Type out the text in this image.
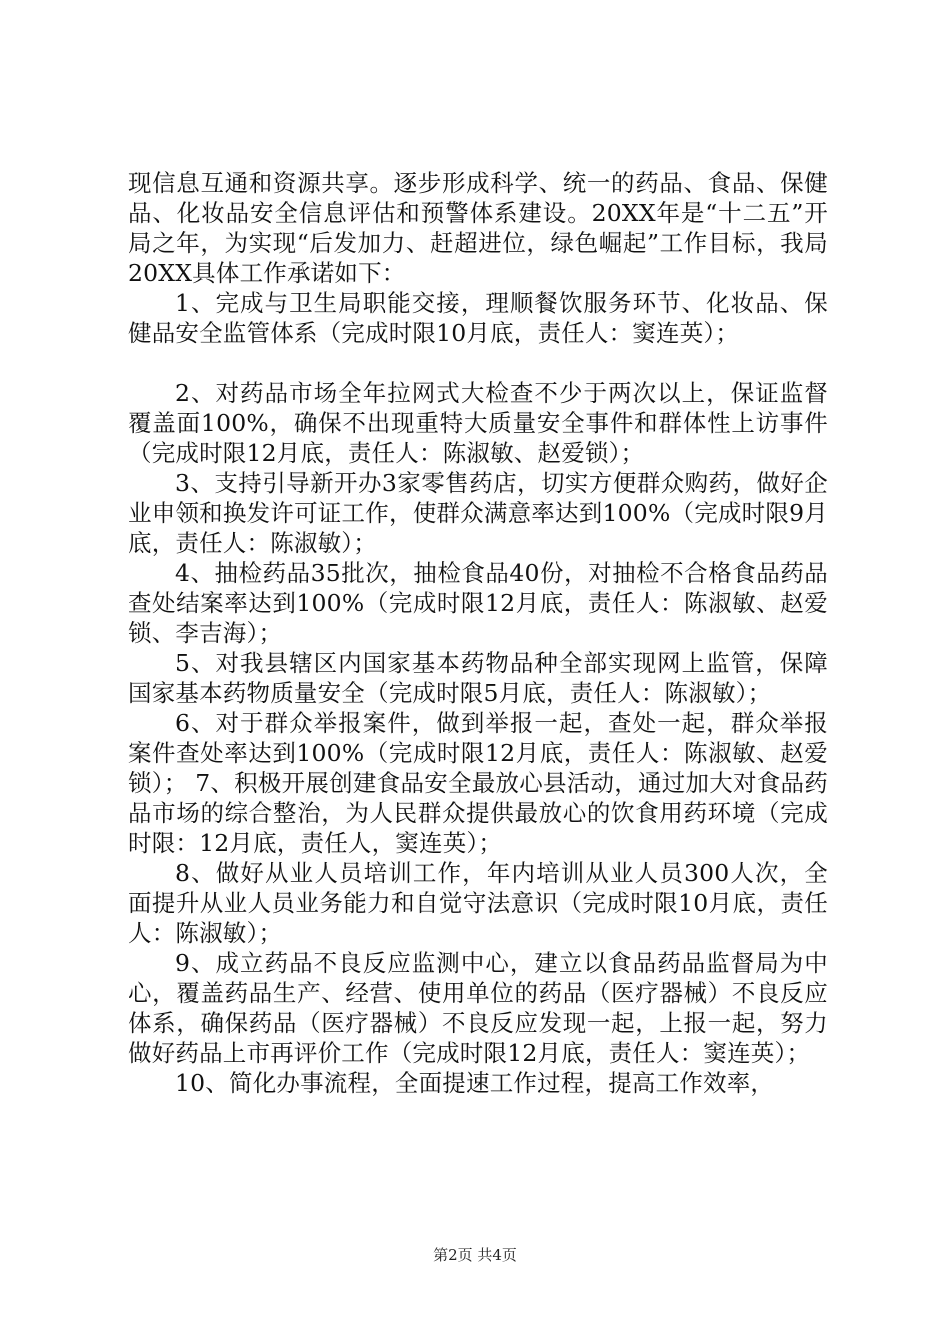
现信息互通和资源共享。逐步形成科学、统一的药品、食品、保健品、化妆品安全信息评估和预警体系建设。20XX年是“十二五”开局之年，为实现“后发加力、赶超进位，绿色崛起”工作目标，我局20XX具体工作承诺如下：

1、完成与卫生局职能交接，理顺餐饮服务环节、化妆品、保健品安全监管体系（完成时限10月底，责任人：窦连英）；

2、对药品市场全年拉网式大检查不少于两次以上，保证监督覆盖面100%，确保不出现重特大质量安全事件和群体性上访事件（完成时限12月底，责任人：陈淑敏、赵爱锁）；

3、支持引导新开办3家零售药店，切实方便群众购药，做好企业申领和换发许可证工作，使群众满意率达到100%（完成时限9月底，责任人：陈淑敏）；

4、抽检药品35批次，抽检食品40份，对抽检不合格食品药品查处结案率达到100%（完成时限12月底，责任人：陈淑敏、赵爱锁、李吉海）；

5、对我县辖区内国家基本药物品种全部实现网上监管，保障国家基本药物质量安全（完成时限5月底，责任人：陈淑敏）；

6、对于群众举报案件，做到举报一起，查处一起，群众举报案件查处率达到100%（完成时限12月底，责任人：陈淑敏、赵爱锁）； 7、积极开展创建食品安全最放心县活动，通过加大对食品药品市场的综合整治，为人民群众提供最放心的饮食用药环境（完成时限：12月底，责任人，窦连英）；

8、做好从业人员培训工作，年内培训从业人员300人次，全面提升从业人员业务能力和自觉守法意识（完成时限10月底，责任人：陈淑敏）；

9、成立药品不良反应监测中心，建立以食品药品监督局为中心，覆盖药品生产、经营、使用单位的药品（医疗器械）不良反应体系，确保药品（医疗器械）不良反应发现一起，上报一起，努力做好药品上市再评价工作（完成时限12月底，责任人：窦连英）；

10、简化办事流程，全面提速工作过程，提高工作效率，

第2页 共4页
